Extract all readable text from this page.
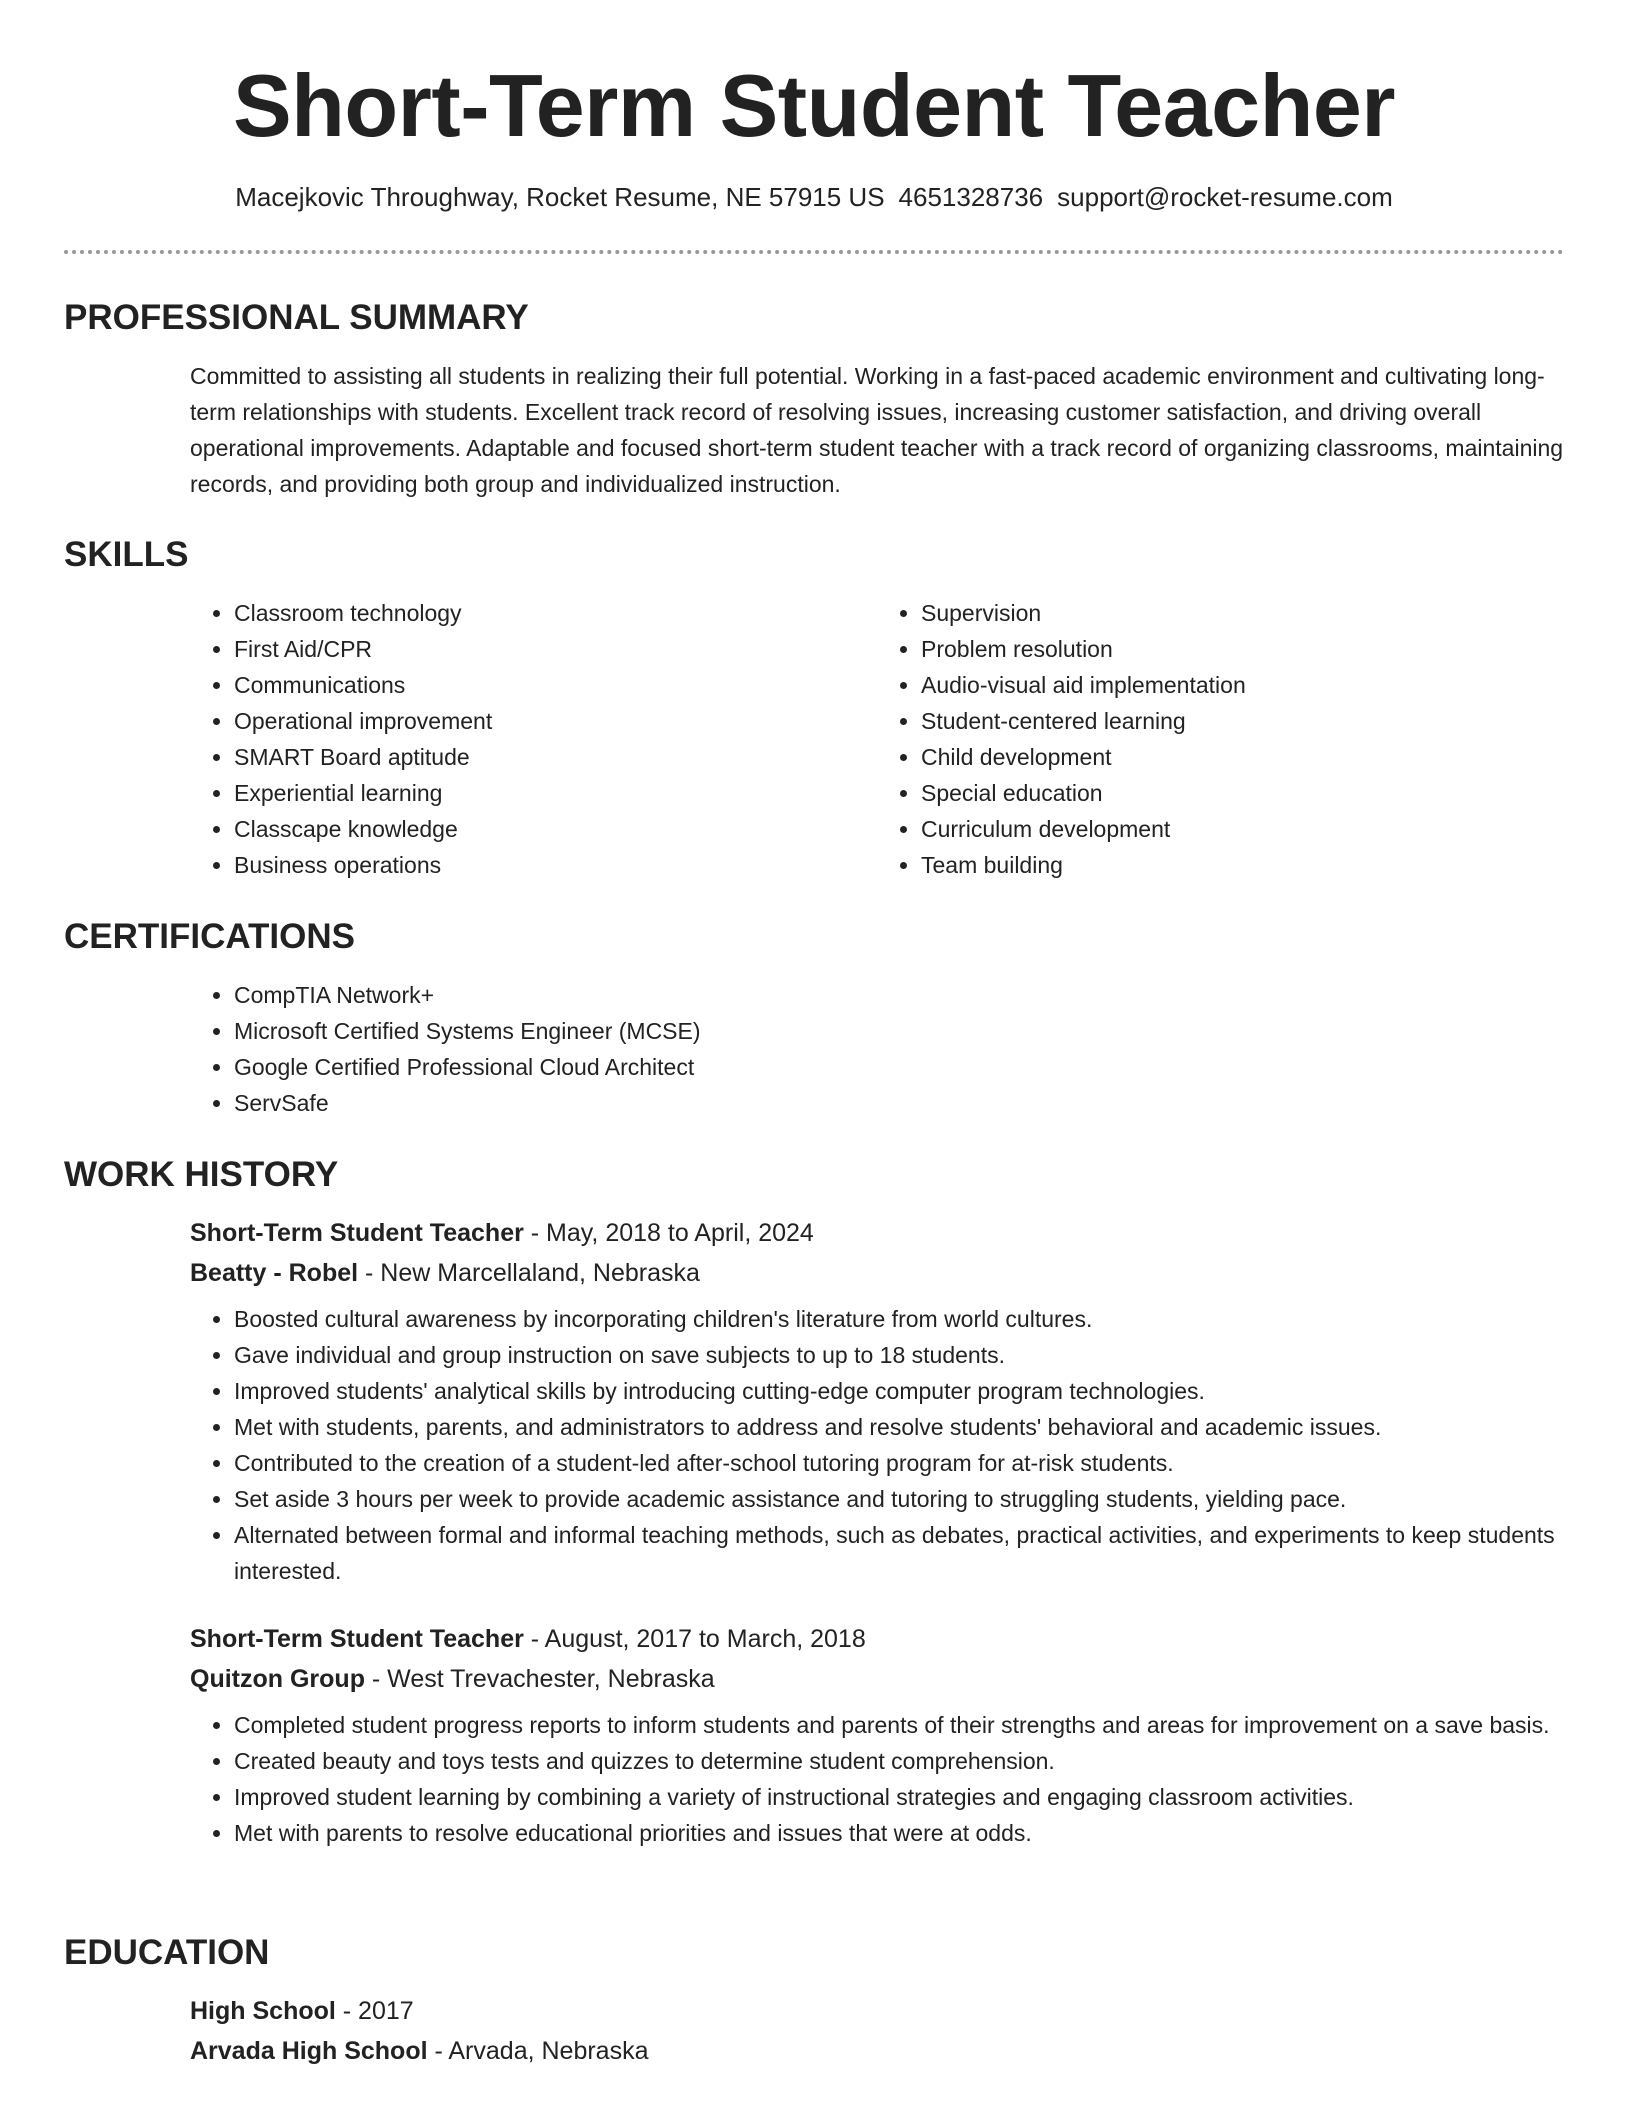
Short-Term Student Teacher
Macejkovic Throughway, Rocket Resume, NE 57915 US 4651328736 support@rocket-resume.com
PROFESSIONAL SUMMARY
Committed to assisting all students in realizing their full potential. Working in a fast-paced academic environment and cultivating long-term relationships with students. Excellent track record of resolving issues, increasing customer satisfaction, and driving overall operational improvements. Adaptable and focused short-term student teacher with a track record of organizing classrooms, maintaining records, and providing both group and individualized instruction.
SKILLS
• Classroom technology
• First Aid/CPR
• Communications
• Operational improvement
• SMART Board aptitude
• Experiential learning
• Classcape knowledge
• Business operations
• Supervision
• Problem resolution
• Audio-visual aid implementation
• Student-centered learning
• Child development
• Special education
• Curriculum development
• Team building
CERTIFICATIONS
• CompTIA Network+
• Microsoft Certified Systems Engineer (MCSE)
• Google Certified Professional Cloud Architect
• ServSafe
WORK HISTORY
Short-Term Student Teacher - May, 2018 to April, 2024
Beatty - Robel - New Marcellaland, Nebraska
• Boosted cultural awareness by incorporating children's literature from world cultures.
• Gave individual and group instruction on save subjects to up to 18 students.
• Improved students' analytical skills by introducing cutting-edge computer program technologies.
• Met with students, parents, and administrators to address and resolve students' behavioral and academic issues.
• Contributed to the creation of a student-led after-school tutoring program for at-risk students.
• Set aside 3 hours per week to provide academic assistance and tutoring to struggling students, yielding pace.
• Alternated between formal and informal teaching methods, such as debates, practical activities, and experiments to keep students interested.
Short-Term Student Teacher - August, 2017 to March, 2018
Quitzon Group - West Trevachester, Nebraska
• Completed student progress reports to inform students and parents of their strengths and areas for improvement on a save basis.
• Created beauty and toys tests and quizzes to determine student comprehension.
• Improved student learning by combining a variety of instructional strategies and engaging classroom activities.
• Met with parents to resolve educational priorities and issues that were at odds.
EDUCATION
High School - 2017
Arvada High School - Arvada, Nebraska
